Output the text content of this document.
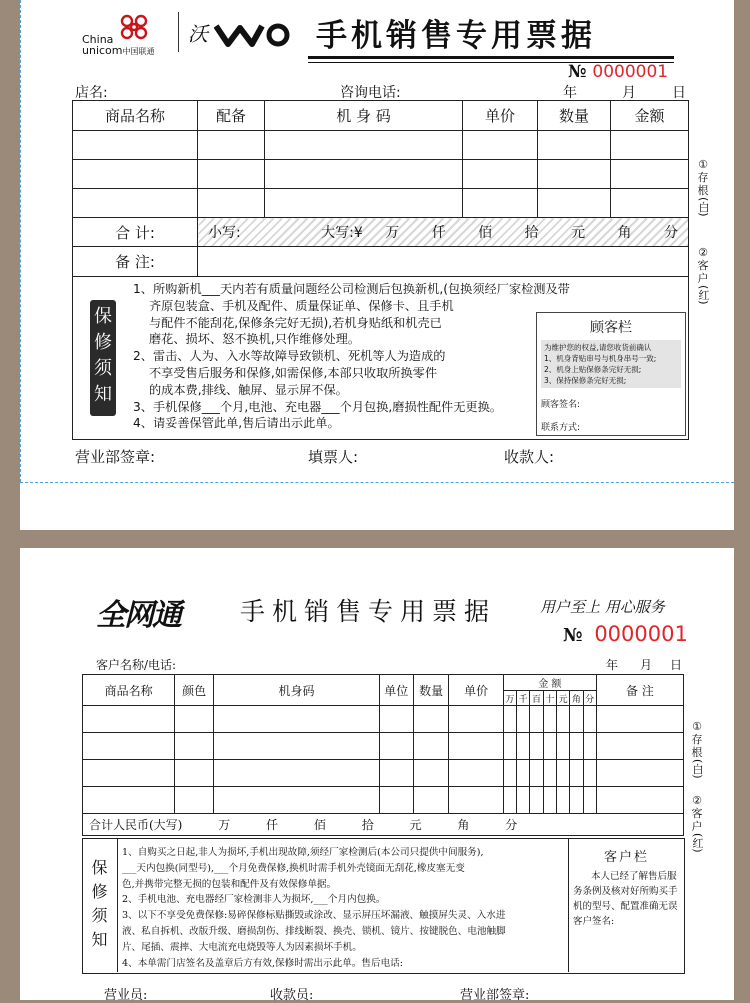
China
unicom中国联通
沃	手机销售专用票据
№ 0000001
店名:	咨询电话:	年	月	日
商品名称	配备	机 身 码	单价	数量	金额

合 计:	小写: 大写:¥ 万 仟 佰 拾 元 角 分				
备 注:					
保
修
须
知
1、所购新机___天内若有质量问题经公司检测后包换新机,(包换须经厂家检测及带
齐原包装盒、手机及配件、质量保证单、保修卡、且手机
与配件不能刮花,保修条完好无损),若机身贴纸和机壳已
磨花、损坏、怒不换机,只作维修处理。
2、雷击、人为、入水等故障导致锁机、死机等人为造成的
不享受售后服务和保修,如需保修,本部只收取所换零件
的成本费,排线、触屏、显示屏不保。
3、手机保修___个月,电池、充电器___个月包换,磨损性配件无更换。
4、请妥善保管此单,售后请出示此单。
顾客栏
为维护您的权益,请您收货前确认
1、机身背贴串号与机身串号一致;
2、机身上贴保修条完好无损;
3、保持保修条完好无损;
顾客签名:
联系方式:
营业部签章:	填票人:	收款人:
①
存
根
(白)
②
客
户
(红)
全网通 手机销售专用票据	用户至上 用心服务
№ 0000001
客户名称/电话:	年 月 日
商品名称	颜色	机身码	单位	数量	单价	金 额							备 注
						万	千	百	十	元	角	分	

合计人民币(大写) 万 仟 佰 拾 元 角 分													
保
修
须
知
1、自购买之日起,非人为损坏,手机出现故障,须经厂家检测后(本公司只提供中间服务),
___天内包换(同型号),___个月免费保修,换机时需手机外壳镜面无刮花,橡皮塞无变
色,并携带完整无损的包装和配件及有效保修单据。
2、手机电池、充电器经厂家检测非人为损坏,___个月内包换。
3、以下不享受免费保修:易碎保修标贴撕毁或涂改、显示屏压坏漏液、触摸屏失灵、入水进
液、私自拆机、改版升级、磨损刮伤、排线断裂、换壳、锁机、镜片、按键脱色、电池触脚
片、尾插、震摔、大电流充电烧毁等人为因素损坏手机。
4、本单需门店签名及盖章后方有效,保修时需出示此单。售后电话:
客户栏
本人已经了解售后服
务条例及核对好所购买手
机的型号、配置准确无误
客户签名:
营业员:	收款员:	营业部签章:
①
存
根
(白)
②
客
户
(红)
